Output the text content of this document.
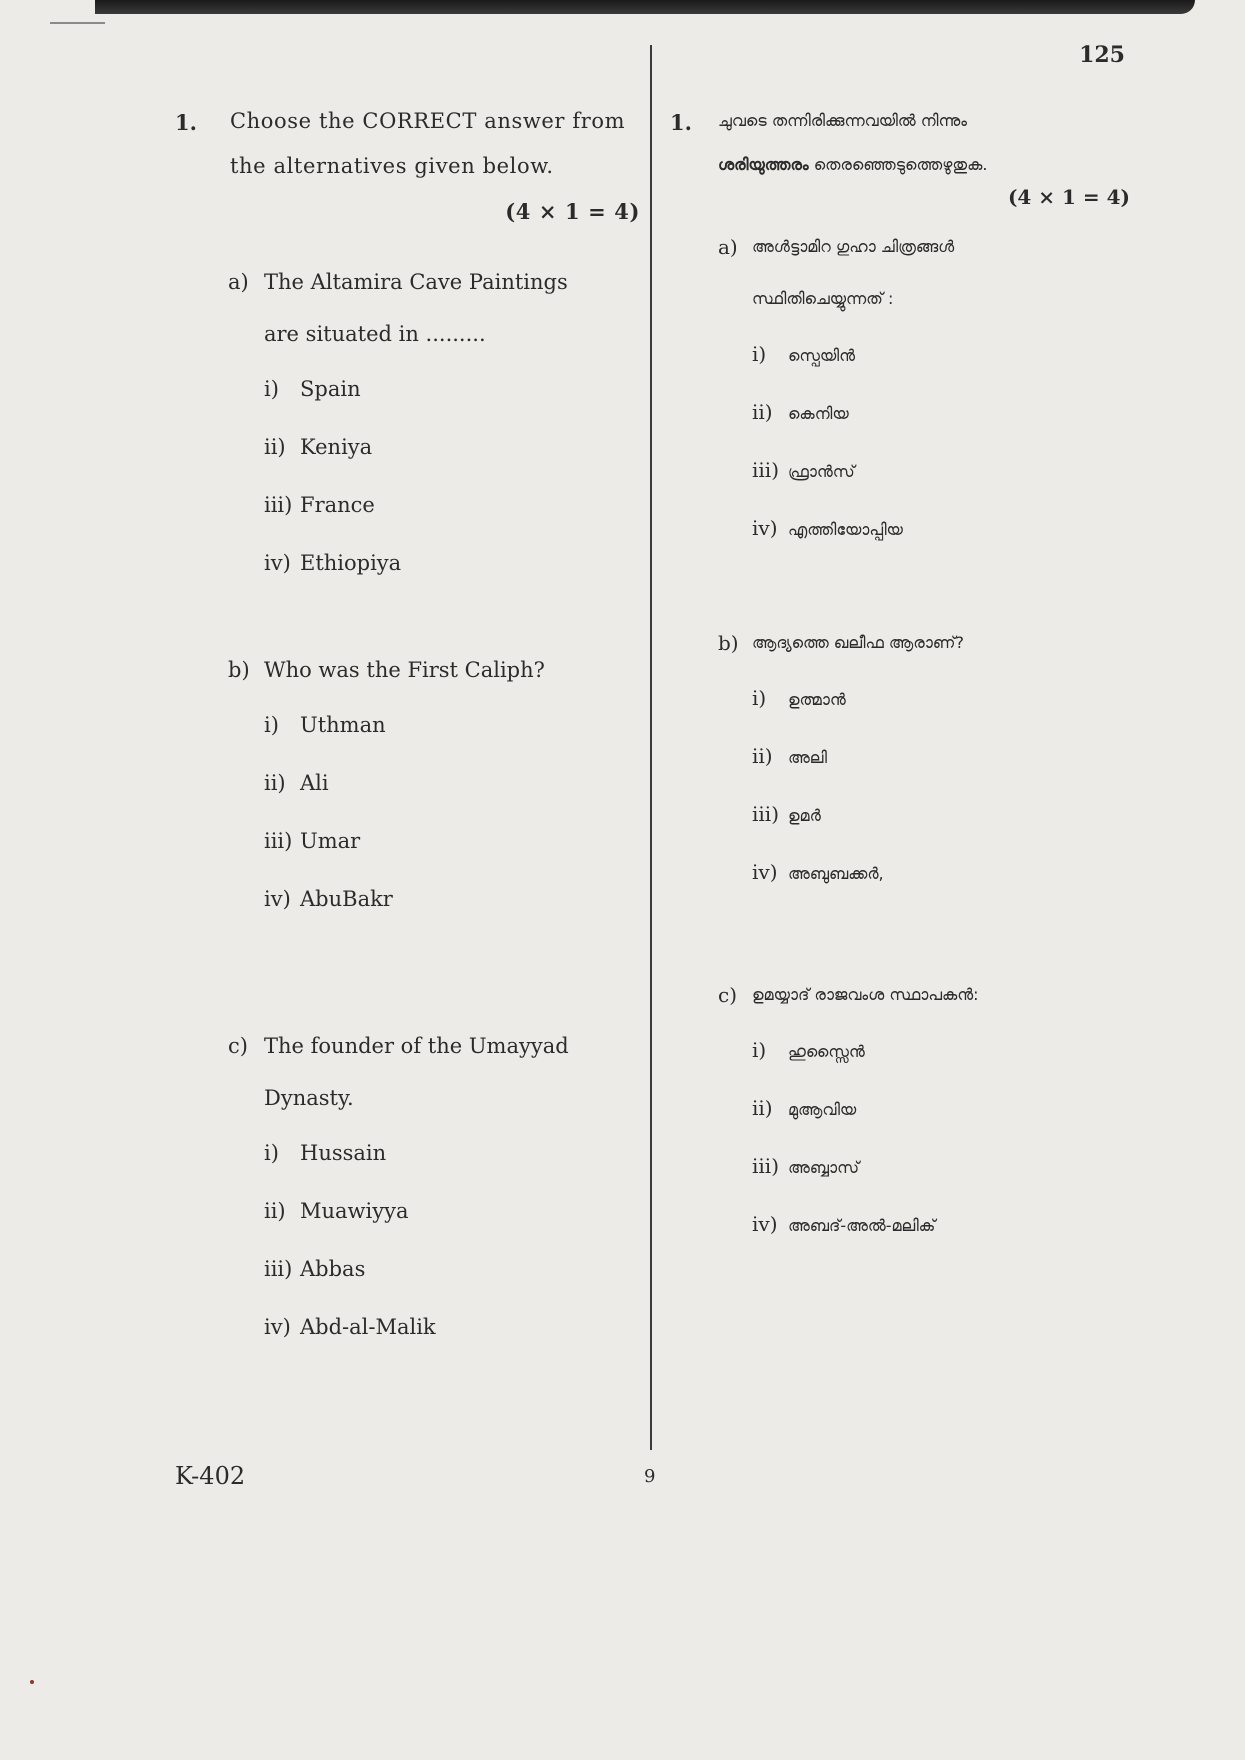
125
1.	Choose the CORRECT answer from the alternatives given below.
(4 × 1 = 4)
a) The Altamira Cave Paintings
are situated in .........
i) Spain
ii) Keniya
iii) France
iv) Ethiopiya
b) Who was the First Caliph?
i) Uthman
ii) Ali
iii) Umar
iv) AbuBakr
c) The founder of the Umayyad
Dynasty.
i) Hussain
ii) Muawiyya
iii) Abbas
iv) Abd-al-Malik
1.	ചുവടെ തന്നിരിക്കുന്നവയിൽ നിന്നും
ശരിയുത്തരം തെരഞ്ഞെടുത്തെഴുതുക.
(4 × 1 = 4)
a) അൾട്ടാമിറ ഗുഹാ ചിത്രങ്ങൾ
സ്ഥിതിചെയ്യുന്നത് :
i) സ്പെയിൻ
ii) കെനിയ
iii) ഫ്രാൻസ്
iv) എത്തിയോപ്പിയ
b) ആദ്യത്തെ ഖലീഫ ആരാണ്?
i) ഉത്മാൻ
ii) അലി
iii) ഉമർ
iv) അബുബക്കർ,
c) ഉമയ്യാദ് രാജവംശ സ്ഥാപകൻ:
i) ഹുസ്സൈൻ
ii) മുആവിയ
iii) അബ്ബാസ്
iv) അബദ്-അൽ-മലിക്
K-402	9
